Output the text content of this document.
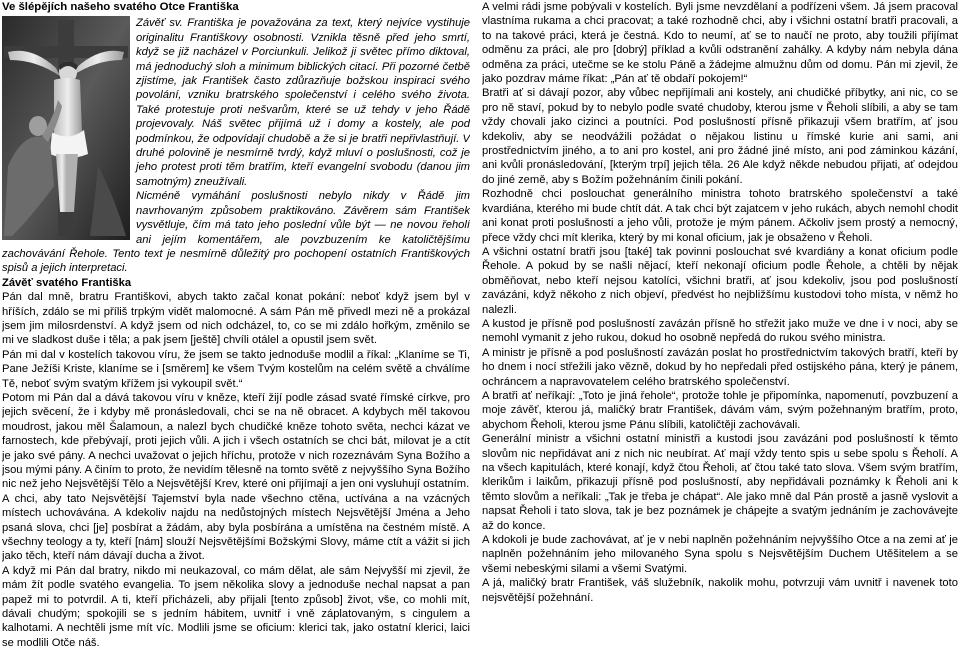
Ve šlépějích našeho svatého Otce Františka
Závěť sv. Františka je považována za text, který nejvíce vystihuje originalitu Františkovy osobnosti. Vznikla těsně před jeho smrtí, když se již nacházel v Porciunkuli. Jelikož ji světec přímo diktoval, má jednoduchý sloh a minimum biblických citací. Při pozorné četbě zjistíme, jak František často zdůrazňuje božskou inspiraci svého povolání, vzniku bratrského společenství i celého svého života. Také protestuje proti nešvarům, které se už tehdy v jeho Řádě projevovaly. Náš světec přijímá už i domy a kostely, ale pod podmínkou, že odpovídají chudobě a že si je bratři nepřivlastňují. V druhé polovině je nesmírně tvrdý, když mluví o poslušnosti, což je jeho protest proti těm bratřím, kteří evangelní svobodu (danou jim samotným) zneužívali.
Nicméně vymáhání poslušnosti nebylo nikdy v Řádě jim navrhovaným způsobem praktikováno. Závěrem sám František vysvětluje, čím má tato jeho poslední vůle být — ne novou řeholí ani jejím komentářem, ale povzbuzením ke katoličtějšímu zachovávání Řehole. Tento text je nesmírně důležitý pro pochopení ostatních Františkových spisů a jejich interpretaci.
Závěť svatého Františka

Pán dal mně, bratru Františkovi, abych takto začal konat pokání: neboť když jsem byl v hříších, zdálo se mi příliš trpkým vidět malomocné. A sám Pán mě přivedl mezi ně a prokázal jsem jim milosrdenství. A když jsem od nich odcházel, to, co se mi zdálo hořkým, změnilo se mi ve sladkost duše i těla; a pak jsem [ještě] chvíli otálel a opustil jsem svět.

Pán mi dal v kostelích takovou víru, že jsem se takto jednoduše modlil a říkal: „Klaníme se Ti, Pane Ježíši Kriste, klaníme se i [směrem] ke všem Tvým kostelům na celém světě a chválíme Tě, neboť svým svatým křížem jsi vykoupil svět.“

Potom mi Pán dal a dává takovou víru v kněze, kteří žijí podle zásad svaté římské církve, pro jejich svěcení, že i kdyby mě pronásledovali, chci se na ně obracet. A kdybych měl takovou moudrost, jakou měl Šalamoun, a nalezl bych chudičké kněze tohoto světa, nechci kázat ve farnostech, kde přebývají, proti jejich vůli. A jich i všech ostatních se chci bát, milovat je a ctít je jako své pány. A nechci uvažovat o jejich hříchu, protože v nich rozeznávám Syna Božího a jsou mými pány. A činím to proto, že nevidím tělesně na tomto světě z nejvyššího Syna Božího nic než jeho Nejsvětější Tělo a Nejsvětější Krev, které oni přijímají a jen oni vysluhují ostatním.

A chci, aby tato Nejsvětější Tajemství byla nade všechno ctěna, uctívána a na vzácných místech uchovávána. A kdekoliv najdu na nedůstojných místech Nejsvětější Jména a Jeho psaná slova, chci [je] posbírat a žádám, aby byla posbírána a umístěna na čestném místě. A všechny teology a ty, kteří [nám] slouží Nejsvětějšími Božskými Slovy, máme ctít a vážit si jich jako těch, kteří nám dávají ducha a život.

A když mi Pán dal bratry, nikdo mi neukazoval, co mám dělat, ale sám Nejvyšší mi zjevil, že mám žít podle svatého evangelia. To jsem několika slovy a jednoduše nechal napsat a pan papež mi to potvrdil. A ti, kteří přicházeli, aby přijali [tento způsob] život, vše, co mohli mít, dávali chudým; spokojili se s jedním hábitem, uvnitř i vně záplatovaným, s cingulem a kalhotami. A nechtěli jsme mít víc. Modlili jsme se oficium: klerici tak, jako ostatní klerici, laici se modlili Otče náš.

A velmi rádi jsme pobývali v kostelích. Byli jsme nevzdělaní a podřízeni všem. Já jsem pracoval vlastníma rukama a chci pracovat; a také rozhodně chci, aby i všichni ostatní bratři pracovali, a to na takové práci, která je čestná. Kdo to neumí, ať se to naučí ne proto, aby toužili přijímat odměnu za práci, ale pro [dobrý] příklad a kvůli odstranění zahálky. A kdyby nám nebyla dána odměna za práci, utečme se ke stolu Páně a žádejme almužnu dům od domu. Pán mi zjevil, že jako pozdrav máme říkat: „Pán ať tě obdaří pokojem!“

Bratři ať si dávají pozor, aby vůbec nepřijímali ani kostely, ani chudičké příbytky, ani nic, co se pro ně staví, pokud by to nebylo podle svaté chudoby, kterou jsme v Řeholi slíbili, a aby se tam vždy chovali jako cizinci a poutníci. Pod poslušností přísně přikazuji všem bratřím, ať jsou kdekoliv, aby se neodvážili požádat o nějakou listinu u římské kurie ani sami, ani prostřednictvím jiného, a to ani pro kostel, ani pro žádné jiné místo, ani pod záminkou kázání, ani kvůli pronásledování, [kterým trpí] jejich těla. 26 Ale když někde nebudou přijati, ať odejdou do jiné země, aby s Božím požehnáním činili pokání.

Rozhodně chci poslouchat generálního ministra tohoto bratrského společenství a také kvardiána, kterého mi bude chtít dát. A tak chci být zajatcem v jeho rukách, abych nemohl chodit ani konat proti poslušnosti a jeho vůli, protože je mým pánem. Ačkoliv jsem prostý a nemocný, přece vždy chci mít klerika, který by mi konal oficium, jak je obsaženo v Řeholi.

A všichni ostatní bratři jsou [také] tak povinni poslouchat své kvardiány a konat oficium podle Řehole. A pokud by se našli nějací, kteří nekonají oficium podle Řehole, a chtěli by nějak obměňovat, nebo kteří nejsou katolíci, všichni bratři, ať jsou kdekoliv, jsou pod poslušností zavázáni, když někoho z nich objeví, předvést ho nejbližšímu kustodovi toho místa, v němž ho nalezli.

A kustod je přísně pod poslušností zavázán přísně ho střežit jako muže ve dne i v noci, aby se nemohl vymanit z jeho rukou, dokud ho osobně nepředá do rukou svého ministra.

A ministr je přísně a pod poslušností zavázán poslat ho prostřednictvím takových bratří, kteří by ho dnem i nocí střežili jako vězně, dokud by ho nepředali před ostijského pána, který je pánem, ochráncem a napravovatelem celého bratrského společenství.

A bratři ať neříkají: „Toto je jiná řehole“, protože tohle je připomínka, napomenutí, povzbuzení a moje závěť, kterou já, maličký bratr František, dávám vám, svým požehnaným bratřím, proto, abychom Řeholi, kterou jsme Pánu slíbili, katoličtěji zachovávali.

Generální ministr a všichni ostatní ministři a kustodi jsou zavázáni pod poslušností k těmto slovům nic nepřidávat ani z nich nic neubírat. Ať mají vždy tento spis u sebe spolu s Řeholí. A na všech kapitulách, které konají, když čtou Řeholi, ať čtou také tato slova. Všem svým bratřím, klerikům i laikům, přikazuji přísně pod poslušností, aby nepřidávali poznámky k Řeholi ani k těmto slovům a neříkali: „Tak je třeba je chápat“. Ale jako mně dal Pán prostě a jasně vyslovit a napsat Řeholi i tato slova, tak je bez poznámek je chápejte a svatým jednáním je zachovávejte až do konce.

A kdokoli je bude zachovávat, ať je v nebi naplněn požehnáním nejvyššího Otce a na zemi ať je naplněn požehnáním jeho milovaného Syna spolu s Nejsvětějším Duchem Utěšitelem a se všemi nebeskými silami a všemi Svatými.

A já, maličký bratr František, váš služebník, nakolik mohu, potvrzuji vám uvnitř i navenek toto nejsvětější požehnání.
